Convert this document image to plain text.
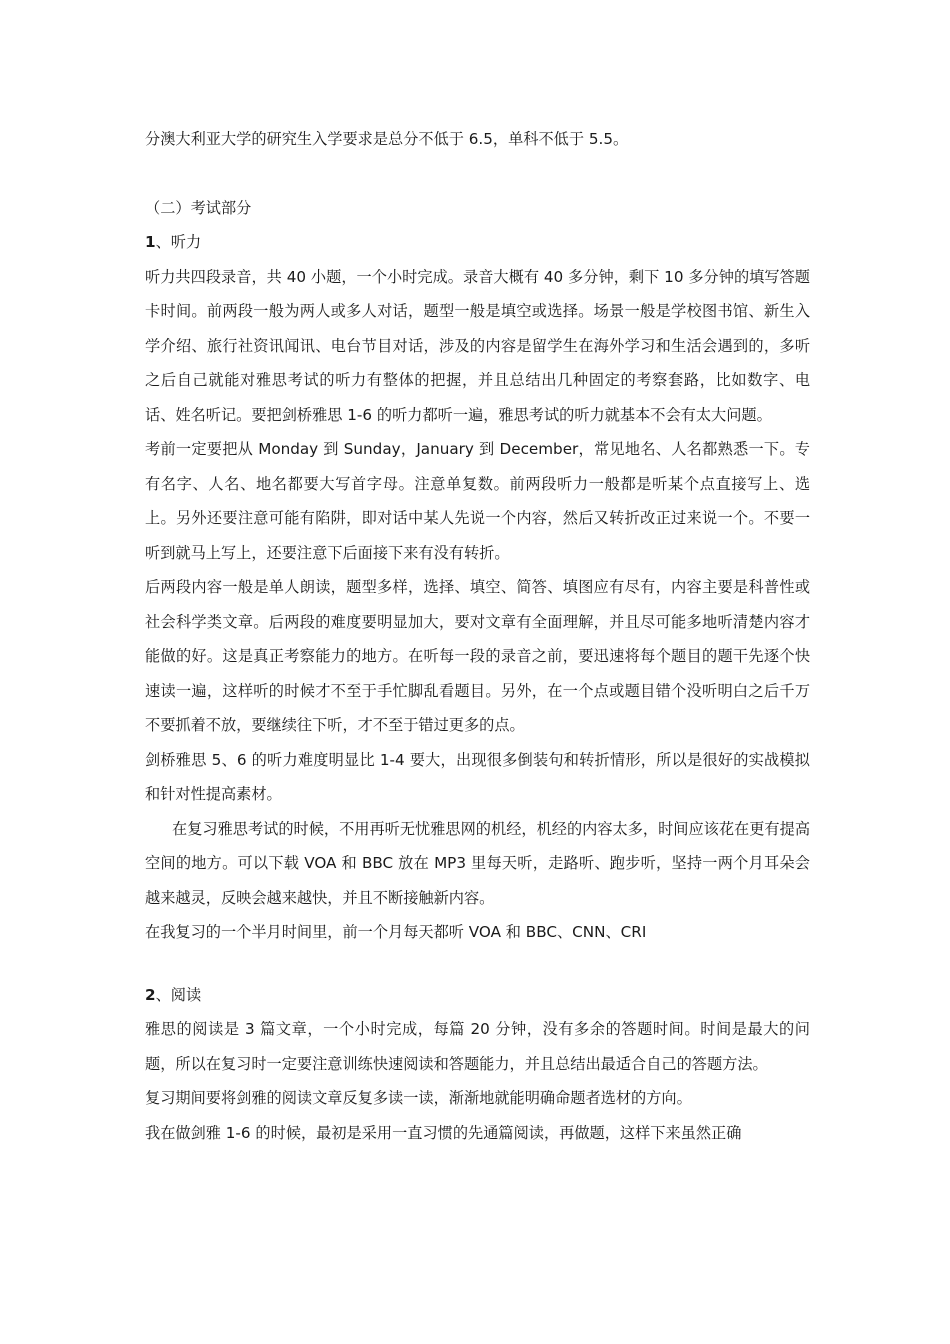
分澳大利亚大学的研究生入学要求是总分不低于 6.5，单科不低于 5.5。

（二）考试部分

1、听力

听力共四段录音，共 40 小题，一个小时完成。录音大概有 40 多分钟，剩下 10 多分钟的填写答题卡时间。前两段一般为两人或多人对话，题型一般是填空或选择。场景一般是学校图书馆、新生入学介绍、旅行社资讯闻讯、电台节目对话，涉及的内容是留学生在海外学习和生活会遇到的，多听之后自己就能对雅思考试的听力有整体的把握，并且总结出几种固定的考察套路，比如数字、电话、姓名听记。要把剑桥雅思 1-6 的听力都听一遍，雅思考试的听力就基本不会有太大问题。

考前一定要把从 Monday 到 Sunday，January 到 December，常见地名、人名都熟悉一下。专有名字、人名、地名都要大写首字母。注意单复数。前两段听力一般都是听某个点直接写上、选上。另外还要注意可能有陷阱，即对话中某人先说一个内容，然后又转折改正过来说一个。不要一听到就马上写上，还要注意下后面接下来有没有转折。

后两段内容一般是单人朗读，题型多样，选择、填空、简答、填图应有尽有，内容主要是科普性或社会科学类文章。后两段的难度要明显加大，要对文章有全面理解，并且尽可能多地听清楚内容才能做的好。这是真正考察能力的地方。在听每一段的录音之前，要迅速将每个题目的题干先逐个快速读一遍，这样听的时候才不至于手忙脚乱看题目。另外，在一个点或题目错个没听明白之后千万不要抓着不放，要继续往下听，才不至于错过更多的点。

剑桥雅思 5、6 的听力难度明显比 1-4 要大，出现很多倒装句和转折情形，所以是很好的实战模拟和针对性提高素材。

在复习雅思考试的时候，不用再听无忧雅思网的机经，机经的内容太多，时间应该花在更有提高空间的地方。可以下载 VOA 和 BBC 放在 MP3 里每天听，走路听、跑步听，坚持一两个月耳朵会越来越灵，反映会越来越快，并且不断接触新内容。

在我复习的一个半月时间里，前一个月每天都听 VOA 和 BBC、CNN、CRI

2、阅读

雅思的阅读是 3 篇文章，一个小时完成，每篇 20 分钟，没有多余的答题时间。时间是最大的问题，所以在复习时一定要注意训练快速阅读和答题能力，并且总结出最适合自己的答题方法。

复习期间要将剑雅的阅读文章反复多读一读，渐渐地就能明确命题者选材的方向。

我在做剑雅 1-6 的时候，最初是采用一直习惯的先通篇阅读，再做题，这样下来虽然正确
